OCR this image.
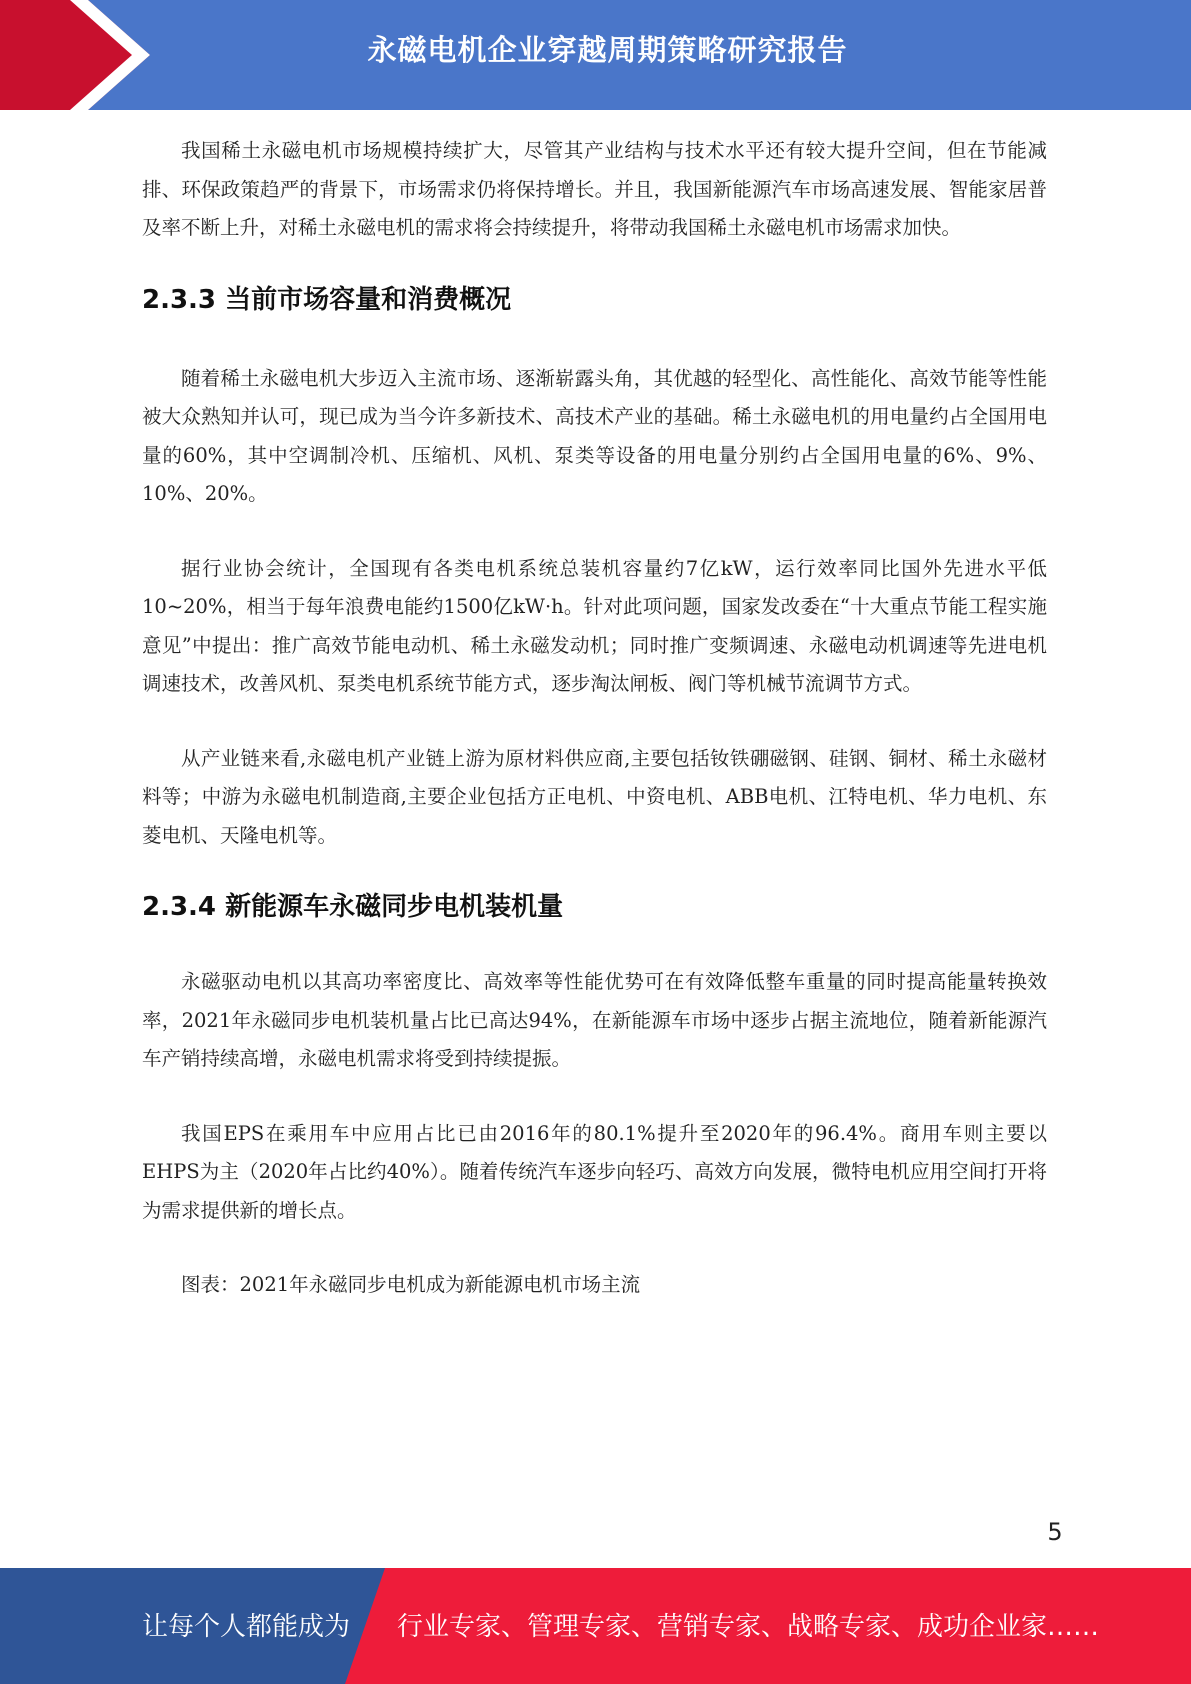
永磁电机企业穿越周期策略研究报告

我国稀土永磁电机市场规模持续扩大，尽管其产业结构与技术水平还有较大提升空间，但在节能减排、环保政策趋严的背景下，市场需求仍将保持增长。并且，我国新能源汽车市场高速发展、智能家居普及率不断上升，对稀土永磁电机的需求将会持续提升，将带动我国稀土永磁电机市场需求加快。

2.3.3 当前市场容量和消费概况

随着稀土永磁电机大步迈入主流市场、逐渐崭露头角，其优越的轻型化、高性能化、高效节能等性能被大众熟知并认可，现已成为当今许多新技术、高技术产业的基础。稀土永磁电机的用电量约占全国用电量的60%，其中空调制冷机、压缩机、风机、泵类等设备的用电量分别约占全国用电量的6%、9%、10%、20%。

据行业协会统计，全国现有各类电机系统总装机容量约7亿kW，运行效率同比国外先进水平低10~20%，相当于每年浪费电能约1500亿kW·h。针对此项问题，国家发改委在“十大重点节能工程实施意见”中提出：推广高效节能电动机、稀土永磁发动机；同时推广变频调速、永磁电动机调速等先进电机调速技术，改善风机、泵类电机系统节能方式，逐步淘汰闸板、阀门等机械节流调节方式。

从产业链来看,永磁电机产业链上游为原材料供应商,主要包括钕铁硼磁钢、硅钢、铜材、稀土永磁材料等；中游为永磁电机制造商,主要企业包括方正电机、中资电机、ABB电机、江特电机、华力电机、东菱电机、天隆电机等。

2.3.4 新能源车永磁同步电机装机量

永磁驱动电机以其高功率密度比、高效率等性能优势可在有效降低整车重量的同时提高能量转换效率，2021年永磁同步电机装机量占比已高达94%，在新能源车市场中逐步占据主流地位，随着新能源汽车产销持续高增，永磁电机需求将受到持续提振。

我国EPS在乘用车中应用占比已由2016年的80.1%提升至2020年的96.4%。商用车则主要以EHPS为主（2020年占比约40%）。随着传统汽车逐步向轻巧、高效方向发展，微特电机应用空间打开将为需求提供新的增长点。

图表：2021年永磁同步电机成为新能源电机市场主流

5
让每个人都能成为 行业专家、管理专家、营销专家、战略专家、成功企业家……
